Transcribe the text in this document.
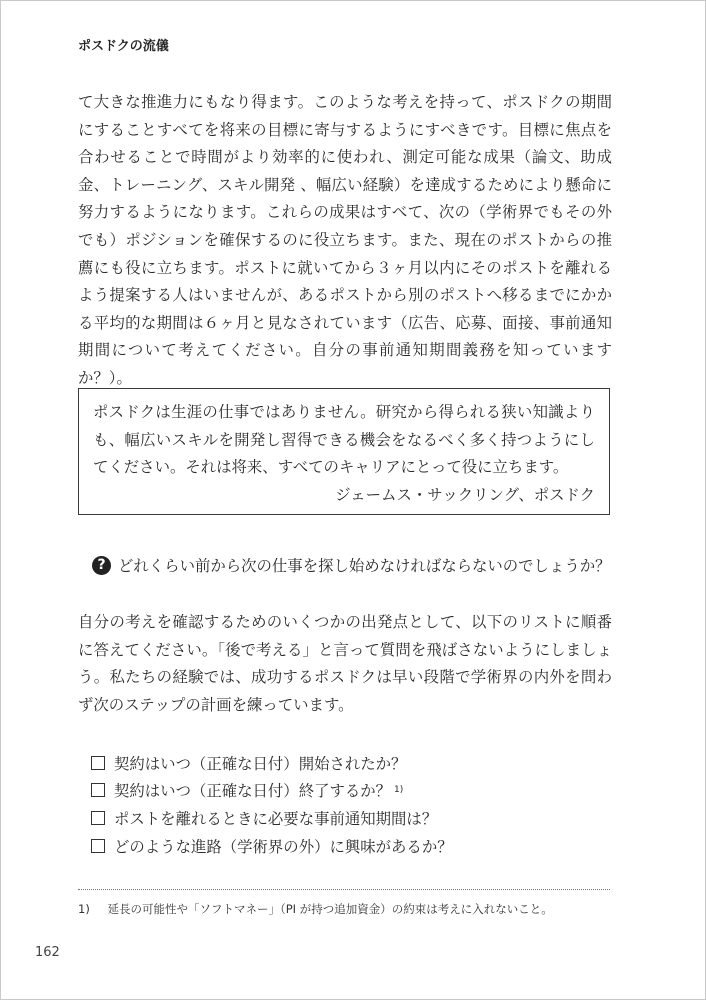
ポスドクの流儀
て大きな推進力にもなり得ます。このような考えを持って、ポスドクの期間にすることすべてを将来の目標に寄与するようにすべきです。目標に焦点を合わせることで時間がより効率的に使われ、測定可能な成果（論文、助成金、トレーニング、スキル開発 、幅広い経験）を達成するためにより懸命に努力するようになります。これらの成果はすべて、次の（学術界でもその外でも）ポジションを確保するのに役立ちます。また、現在のポストからの推薦にも役に立ちます。ポストに就いてから３ヶ月以内にそのポストを離れるよう提案する人はいませんが、あるポストから別のポストへ移るまでにかかる平均的な期間は６ヶ月と見なされています（広告、応募、面接、事前通知期間について考えてください。自分の事前通知期間義務を知っていますか？）。
ポスドクは生涯の仕事ではありません。研究から得られる狭い知識よりも、幅広いスキルを開発し習得できる機会をなるべく多く持つようにしてください。それは将来、すべてのキャリアにとって役に立ちます。
ジェームス・サックリング、ポスドク
? どれくらい前から次の仕事を探し始めなければならないのでしょうか？
自分の考えを確認するためのいくつかの出発点として、以下のリストに順番に答えてください。「後で考える」と言って質問を飛ばさないようにしましょう。私たちの経験では、成功するポスドクは早い段階で学術界の内外を問わず次のステップの計画を練っています。
契約はいつ（正確な日付）開始されたか？
契約はいつ（正確な日付）終了するか？ 1)
ポストを離れるときに必要な事前通知期間は？
どのような進路（学術界の外）に興味があるか？
1) 延長の可能性や「ソフトマネー」（PI が持つ追加資金）の約束は考えに入れないこと。
162
